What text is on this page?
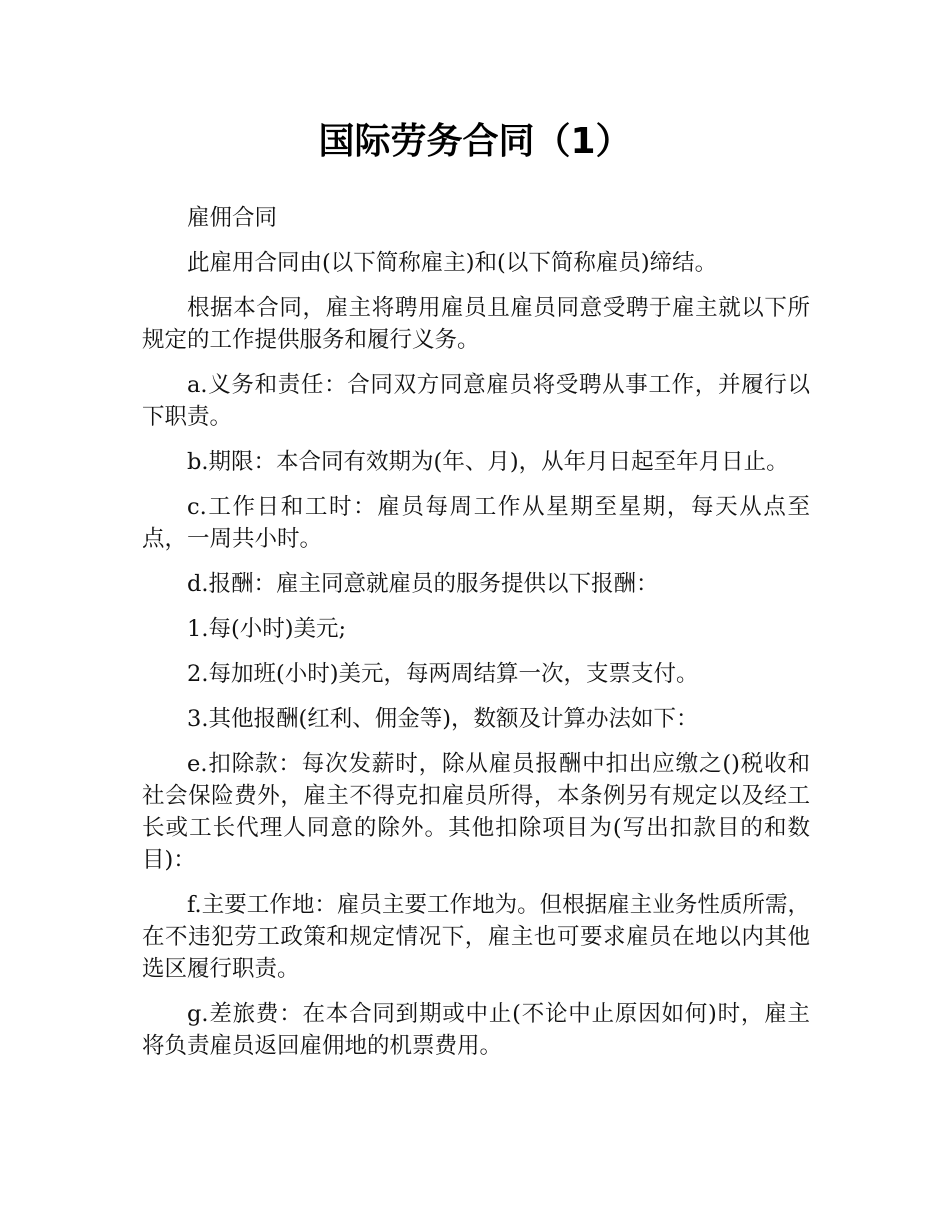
国际劳务合同（1）

雇佣合同

此雇用合同由(以下简称雇主)和(以下简称雇员)缔结。

根据本合同，雇主将聘用雇员且雇员同意受聘于雇主就以下所规定的工作提供服务和履行义务。

a.义务和责任：合同双方同意雇员将受聘从事工作，并履行以下职责。

b.期限：本合同有效期为(年、月)，从年月日起至年月日止。

c.工作日和工时：雇员每周工作从星期至星期，每天从点至点，一周共小时。

d.报酬：雇主同意就雇员的服务提供以下报酬：

1.每(小时)美元;

2.每加班(小时)美元，每两周结算一次，支票支付。

3.其他报酬(红利、佣金等)，数额及计算办法如下：

e.扣除款：每次发薪时，除从雇员报酬中扣出应缴之()税收和社会保险费外，雇主不得克扣雇员所得，本条例另有规定以及经工长或工长代理人同意的除外。其他扣除项目为(写出扣款目的和数目)：

f.主要工作地：雇员主要工作地为。但根据雇主业务性质所需，在不违犯劳工政策和规定情况下，雇主也可要求雇员在地以内其他选区履行职责。

g.差旅费：在本合同到期或中止(不论中止原因如何)时，雇主将负责雇员返回雇佣地的机票费用。
